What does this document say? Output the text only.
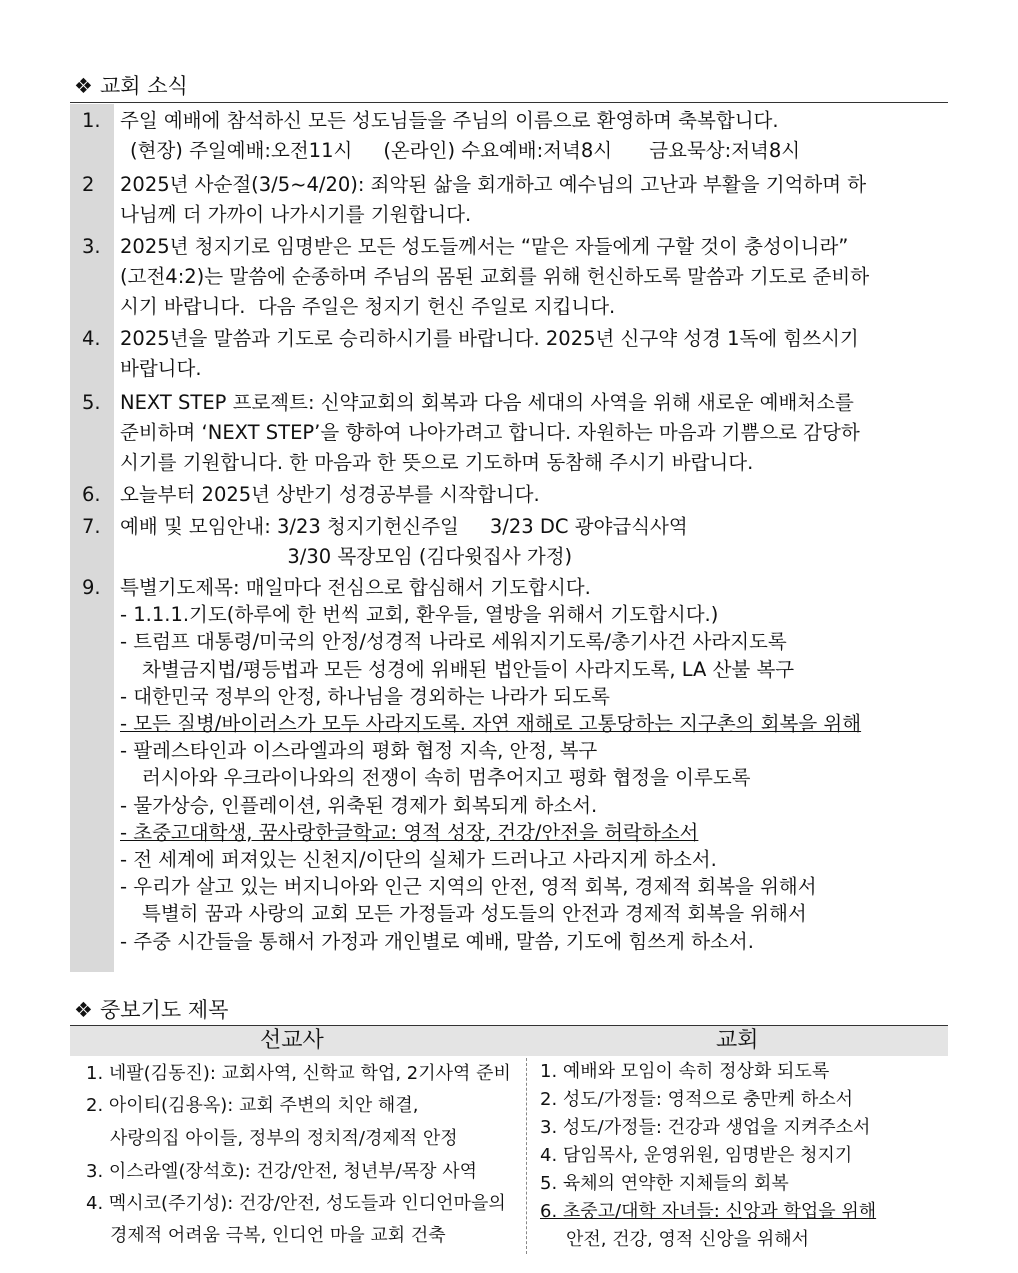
❖ 교회 소식
1. 주일 예배에 참석하신 모든 성도님들을 주님의 이름으로 환영하며 축복합니다.
(현장) 주일예배:오전11시     (온라인) 수요예배:저녁8시      금요묵상:저녁8시
2	2025년 사순절(3/5~4/20): 죄악된 삶을 회개하고 예수님의 고난과 부활을 기억하며 하
나님께 더 가까이 나가시기를 기원합니다.
3. 2025년 청지기로 임명받은 모든 성도들께서는 “맡은 자들에게 구할 것이 충성이니라”
(고전4:2)는 말씀에 순종하며 주님의 몸된 교회를 위해 헌신하도록 말씀과 기도로 준비하
시기 바랍니다.  다음 주일은 청지기 헌신 주일로 지킵니다.
4. 2025년을 말씀과 기도로 승리하시기를 바랍니다. 2025년 신구약 성경 1독에 힘쓰시기
바랍니다.
5. NEXT STEP 프로젝트: 신약교회의 회복과 다음 세대의 사역을 위해 새로운 예배처소를
준비하며 ‘NEXT STEP’을 향하여 나아가려고 합니다. 자원하는 마음과 기쁨으로 감당하
시기를 기원합니다. 한 마음과 한 뜻으로 기도하며 동참해 주시기 바랍니다.
6. 오늘부터 2025년 상반기 성경공부를 시작합니다.
7. 예배 및 모임안내: 3/23 청지기헌신주일     3/23 DC 광야급식사역
3/30 목장모임 (김다윗집사 가정)
9. 특별기도제목: 매일마다 전심으로 합심해서 기도합시다.
- 1.1.1.기도(하루에 한 번씩 교회, 환우들, 열방을 위해서 기도합시다.)
- 트럼프 대통령/미국의 안정/성경적 나라로 세워지기도록/총기사건 사라지도록
차별금지법/평등법과 모든 성경에 위배된 법안들이 사라지도록, LA 산불 복구
- 대한민국 정부의 안정, 하나님을 경외하는 나라가 되도록
- 모든 질병/바이러스가 모두 사라지도록. 자연 재해로 고통당하는 지구촌의 회복을 위해
- 팔레스타인과 이스라엘과의 평화 협정 지속, 안정, 복구
러시아와 우크라이나와의 전쟁이 속히 멈추어지고 평화 협정을 이루도록
- 물가상승, 인플레이션, 위축된 경제가 회복되게 하소서.
- 초중고대학생, 꿈사랑한글학교: 영적 성장, 건강/안전을 허락하소서
- 전 세계에 퍼져있는 신천지/이단의 실체가 드러나고 사라지게 하소서.
- 우리가 살고 있는 버지니아와 인근 지역의 안전, 영적 회복, 경제적 회복을 위해서
특별히 꿈과 사랑의 교회 모든 가정들과 성도들의 안전과 경제적 회복을 위해서
- 주중 시간들을 통해서 가정과 개인별로 예배, 말씀, 기도에 힘쓰게 하소서.
❖ 중보기도 제목
선교사	교회
1. 네팔(김동진): 교회사역, 신학교 학업, 2기사역 준비
2. 아이티(김용옥): 교회 주변의 치안 해결,
사랑의집 아이들, 정부의 정치적/경제적 안정
3. 이스라엘(장석호): 건강/안전, 청년부/목장 사역
4. 멕시코(주기성): 건강/안전, 성도들과 인디언마을의
경제적 어려움 극복, 인디언 마을 교회 건축
1. 예배와 모임이 속히 정상화 되도록
2. 성도/가정들: 영적으로 충만케 하소서
3. 성도/가정들: 건강과 생업을 지켜주소서
4. 담임목사, 운영위원, 임명받은 청지기
5. 육체의 연약한 지체들의 회복
6. 초중고/대학 자녀들: 신앙과 학업을 위해
안전, 건강, 영적 신앙을 위해서
